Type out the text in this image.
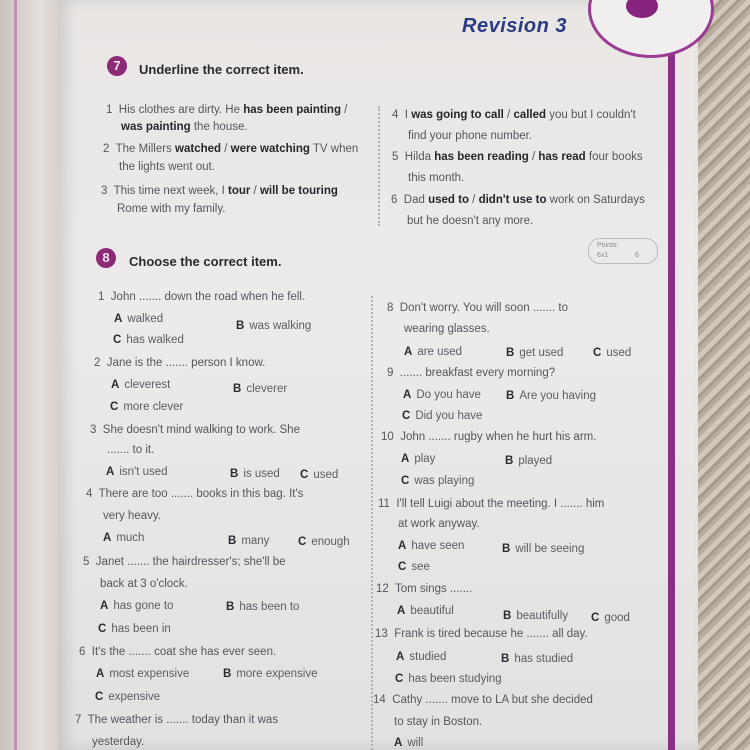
Revision 3
7	Underline the correct item.
1 His clothes are dirty. He has been painting /
was painting the house.
2 The Millers watched / were watching TV when
the lights went out.
3 This time next week, I tour / will be touring
Rome with my family.
4 I was going to call / called you but I couldn't
find your phone number.
5 Hilda has been reading / has read four books
this month.
6 Dad used to / didn't use to work on Saturdays
but he doesn't any more.
Points:
6x1	6
8	Choose the correct item.
1 John ....... down the road when he fell.
A walked
B was walking
C has walked
2 Jane is the ....... person I know.
A cleverest	B cleverer
C more clever
3 She doesn't mind walking to work. She
....... to it.
A isn't used	B is used C used
4 There are too ....... books in this bag. It's
very heavy.
A much	B many C enough
5 Janet ....... the hairdresser's; she'll be
back at 3 o'clock.
A has gone to	B has been to
C has been in
6 It's the ....... coat she has ever seen.
A most expensive	B more expensive
C expensive
7 The weather is ....... today than it was
yesterday.
8 Don't worry. You will soon ....... to
wearing glasses.
A are used	B get used	C used
9 ....... breakfast every morning?
A Do you have B Are you having
C Did you have
10 John ....... rugby when he hurt his arm.
A play	B played
C was playing
11 I'll tell Luigi about the meeting. I ....... him
at work anyway.
A have seen	B will be seeing
C see
12 Tom sings .......
A beautiful	B beautifully C good
13 Frank is tired because he ....... all day.
A studied	B has studied
C has been studying
14 Cathy ....... move to LA but she decided
to stay in Boston.
A will
